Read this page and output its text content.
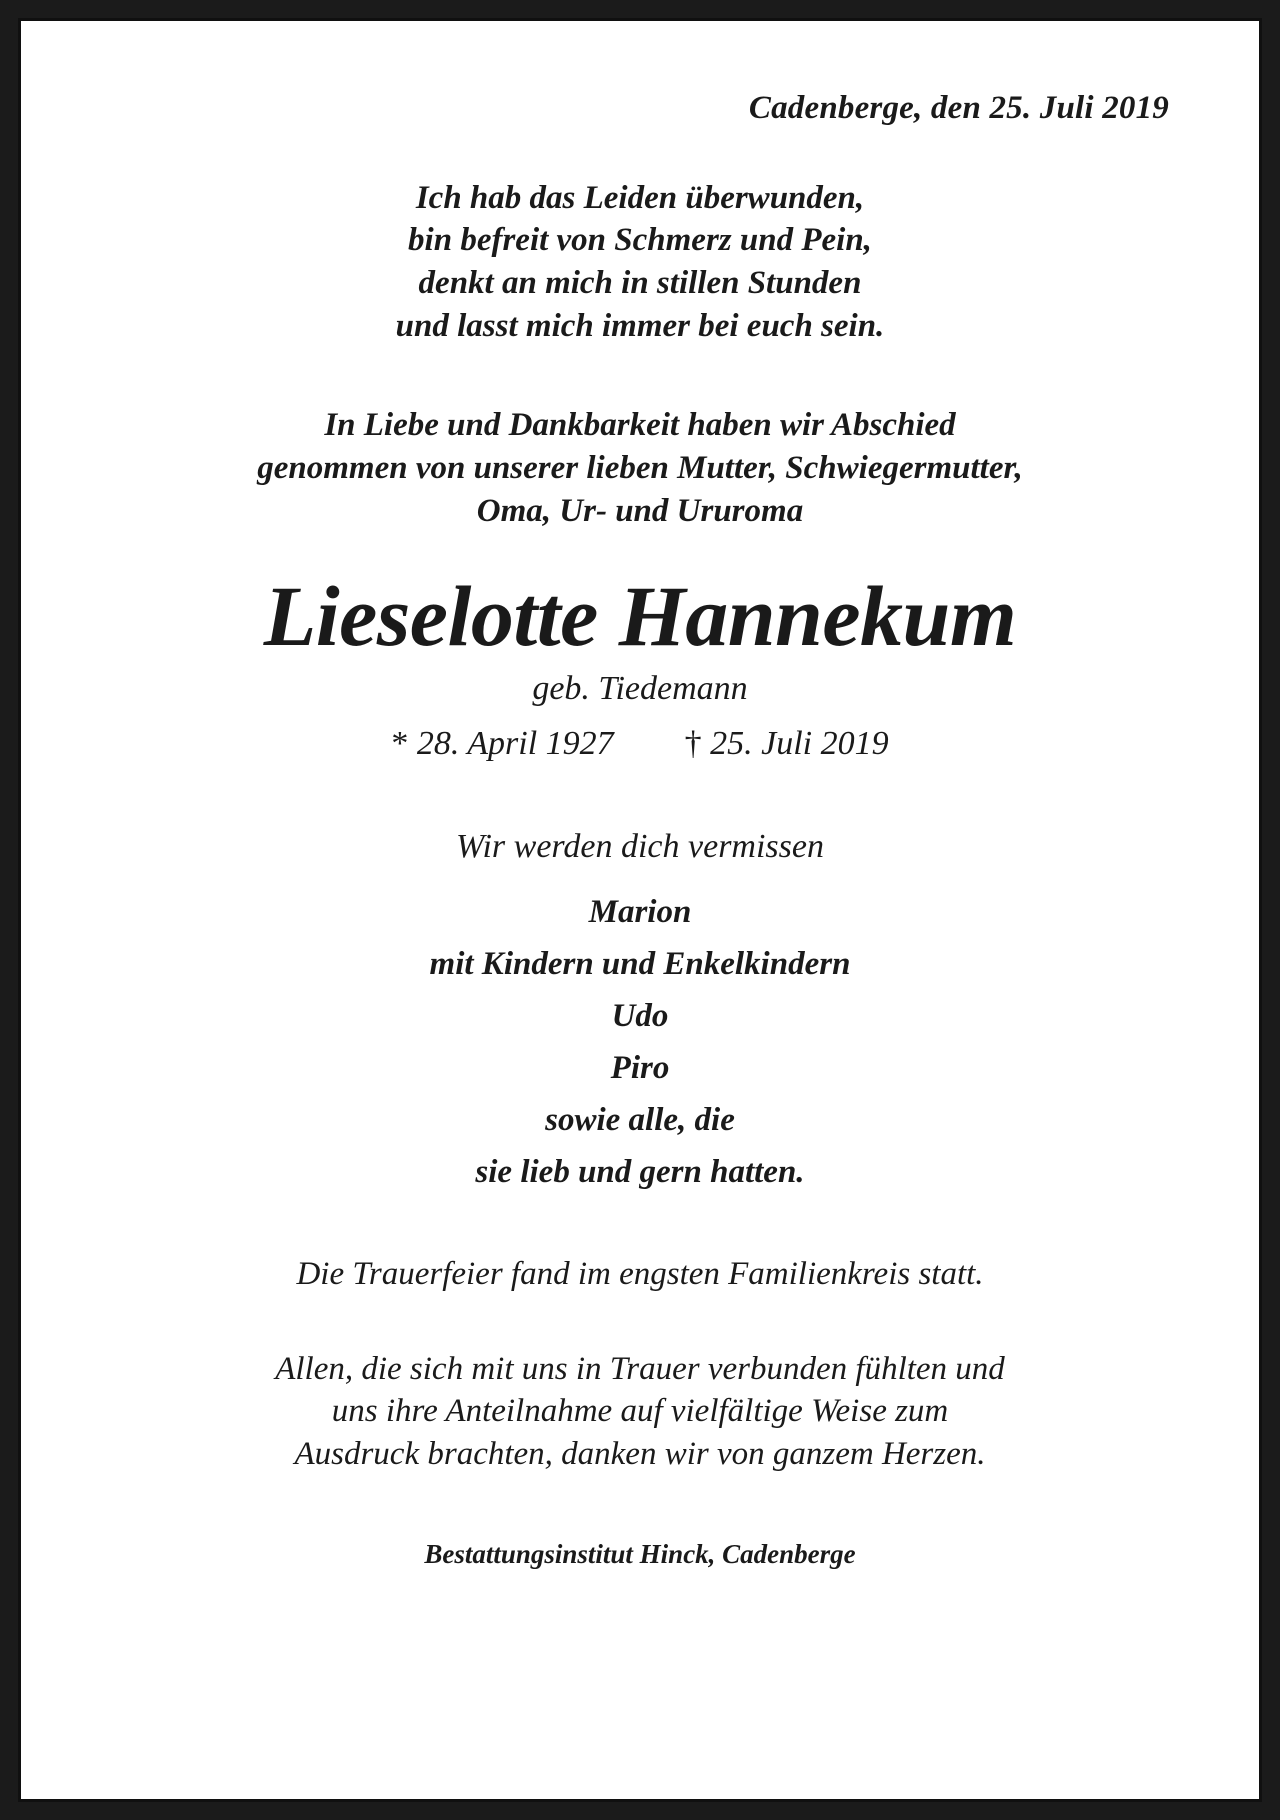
Cadenberge, den 25. Juli 2019
Ich hab das Leiden überwunden,
bin befreit von Schmerz und Pein,
denkt an mich in stillen Stunden
und lasst mich immer bei euch sein.
In Liebe und Dankbarkeit haben wir Abschied
genommen von unserer lieben Mutter, Schwiegermutter,
Oma, Ur- und Ururoma
Lieselotte Hannekum
geb. Tiedemann
* 28. April 1927 † 25. Juli 2019
Wir werden dich vermissen
Marion
mit Kindern und Enkelkindern
Udo
Piro
sowie alle, die
sie lieb und gern hatten.
Die Trauerfeier fand im engsten Familienkreis statt.
Allen, die sich mit uns in Trauer verbunden fühlten und
uns ihre Anteilnahme auf vielfältige Weise zum
Ausdruck brachten, danken wir von ganzem Herzen.
Bestattungsinstitut Hinck, Cadenberge
